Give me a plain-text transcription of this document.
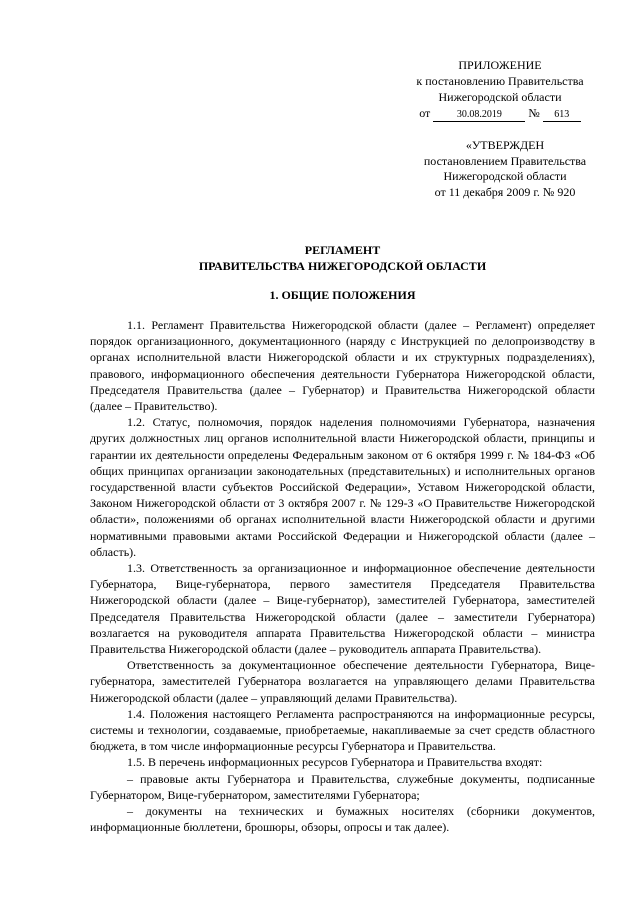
ПРИЛОЖЕНИЕ
к постановлению Правительства
Нижегородской области
от	30.08.2019 № 613
«УТВЕРЖДЕН
постановлением Правительства
Нижегородской области
от 11 декабря 2009 г. № 920
РЕГЛАМЕНТ
ПРАВИТЕЛЬСТВА НИЖЕГОРОДСКОЙ ОБЛАСТИ
1. ОБЩИЕ ПОЛОЖЕНИЯ

1.1. Регламент Правительства Нижегородской области (далее – Регламент) определяет порядок организационного, документационного (наряду с Инструкцией по делопроизводству в органах исполнительной власти Нижегородской области и их структурных подразделениях), правового, информационного обеспечения деятельности Губернатора Нижегородской области, Председателя Правительства (далее – Губернатор) и Правительства Нижегородской области (далее – Правительство).

1.2. Статус, полномочия, порядок наделения полномочиями Губернатора, назначения других должностных лиц органов исполнительной власти Нижегородской области, принципы и гарантии их деятельности определены Федеральным законом от 6 октября 1999 г. № 184-ФЗ «Об общих принципах организации законодательных (представительных) и исполнительных органов государственной власти субъектов Российской Федерации», Уставом Нижегородской области, Законом Нижегородской области от 3 октября 2007 г. № 129-З «О Правительстве Нижегородской области», положениями об органах исполнительной власти Нижегородской области и другими нормативными правовыми актами Российской Федерации и Нижегородской области (далее – область).

1.3. Ответственность за организационное и информационное обеспечение деятельности Губернатора, Вице-губернатора, первого заместителя Председателя Правительства Нижегородской области (далее – Вице-губернатор), заместителей Губернатора, заместителей Председателя Правительства Нижегородской области (далее – заместители Губернатора) возлагается на руководителя аппарата Правительства Нижегородской области – министра Правительства Нижегородской области (далее – руководитель аппарата Правительства).

Ответственность за документационное обеспечение деятельности Губернатора, Вице-губернатора, заместителей Губернатора возлагается на управляющего делами Правительства Нижегородской области (далее – управляющий делами Правительства).

1.4. Положения настоящего Регламента распространяются на информационные ресурсы, системы и технологии, создаваемые, приобретаемые, накапливаемые за счет средств областного бюджета, в том числе информационные ресурсы Губернатора и Правительства.

1.5. В перечень информационных ресурсов Губернатора и Правительства входят:

– правовые акты Губернатора и Правительства, служебные документы, подписанные Губернатором, Вице-губернатором, заместителями Губернатора;

– документы на технических и бумажных носителях (сборники документов, информационные бюллетени, брошюры, обзоры, опросы и так далее).
